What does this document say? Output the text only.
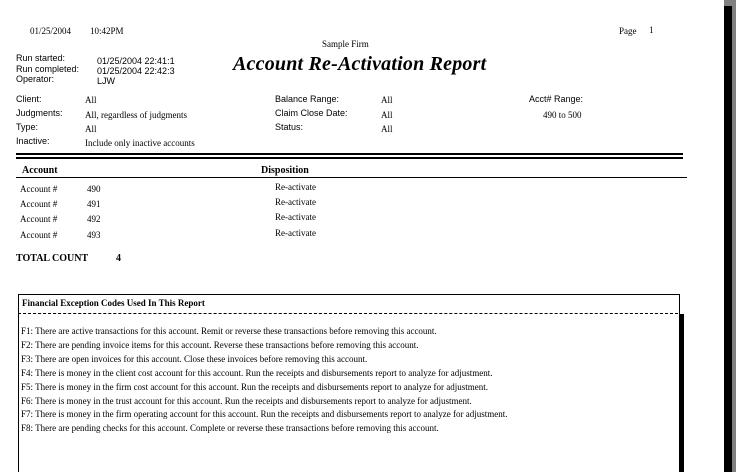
01/25/2004 10:42PM	Page 1
Sample Firm
Account Re-Activation Report
Run started:	01/25/2004 22:41:1
Run completed: 01/25/2004 22:42:3
Operator:	LJW
Client:	All
Judgments: All, regardless of judgments
Type:	All
Inactive:	Include only inactive accounts
Balance Range:	All
Claim Close Date:	All
Status:	All
Acct# Range:
490 to 500
Account	Disposition
Account #	490	Re-activate
Account #	491	Re-activate
Account #	492	Re-activate
Account #	493	Re-activate
TOTAL COUNT	4
Financial Exception Codes Used In This Report
F1: There are active transactions for this account. Remit or reverse these transactions before removing this account.
F2: There are pending invoice items for this account. Reverse these transactions before removing this account.
F3: There are open invoices for this account. Close these invoices before removing this account.
F4: There is money in the client cost account for this account. Run the receipts and disbursements report to analyze for adjustment.
F5: There is money in the firm cost account for this account. Run the receipts and disbursements report to analyze for adjustment.
F6: There is money in the trust account for this account. Run the receipts and disbursements report to analyze for adjustment.
F7: There is money in the firm operating account for this account. Run the receipts and disbursements report to analyze for adjustment.
F8: There are pending checks for this account. Complete or reverse these transactions before removing this account.
